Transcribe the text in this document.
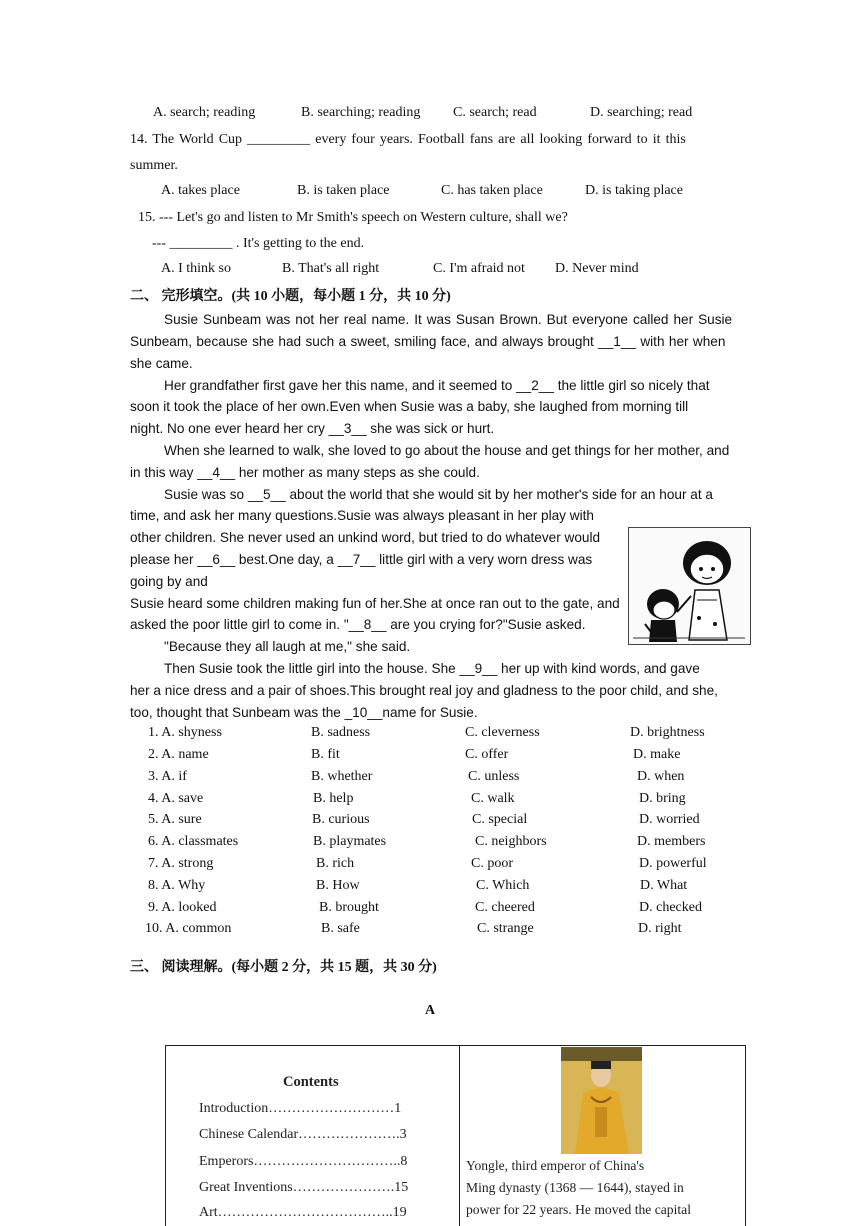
A. search; reading	B. searching; reading C. search; read	D. searching; read
14. The World Cup _________ every four years. Football fans are all looking forward to it this
summer.
A. takes place	B. is taken place	C. has taken place	D. is taking place
15. --- Let's go and listen to Mr Smith's speech on Western culture, shall we?
--- _________ . It's getting to the end.
A. I think so	B. That's all right	C. I'm afraid not D. Never mind
二、 完形填空。(共 10 小题，每小题 1 分，共 10 分)
Susie Sunbeam was not her real name. It was Susan Brown. But everyone called her Susie
Sunbeam, because she had such a sweet, smiling face, and always brought __1__ with her when
she came.
Her grandfather first gave her this name, and it seemed to __2__ the little girl so nicely that
soon it took the place of her own.Even when Susie was a baby, she laughed from morning till
night. No one ever heard her cry __3__ she was sick or hurt.
When she learned to walk, she loved to go about the house and get things for her mother, and
in this way __4__ her mother as many steps as she could.
Susie was so __5__ about the world that she would sit by her mother's side for an hour at a
time, and ask her many questions.Susie was always pleasant in her play with
other children. She never used an unkind word, but tried to do whatever would
please her __6__ best.One day, a __7__ little girl with a very worn dress was
going by and
Susie heard some children making fun of her.She at once ran out to the gate, and
asked the poor little girl to come in. "__8__ are you crying for?"Susie asked.
"Because they all laugh at me," she said.
Then Susie took the little girl into the house. She __9__ her up with kind words, and gave
her a nice dress and a pair of shoes.This brought real joy and gladness to the poor child, and she,
too, thought that Sunbeam was the _10__name for Susie.
1. A. shyness	B. sadness	C. cleverness	D. brightness
2. A. name	B. fit	C. offer	D. make
3. A. if	B. whether	C. unless	D. when
4. A. save	B. help	C. walk	D. bring
5. A. sure	B. curious	C. special	D. worried
6. A. classmates	B. playmates	C. neighbors	D. members
7. A. strong	B. rich	C. poor	D. powerful
8. A. Why	B. How	C. Which	D. What
9. A. looked	B. brought	C. cheered	D. checked
10. A. common	B. safe	C. strange	D. right
三、 阅读理解。(每小题 2 分，共 15 题，共 30 分)
A
Contents
Introduction………………………1
Chinese Calendar………………….3
Emperors…………………………..8
Great Inventions………………….15
Art………………………………..19
Yongle, third emperor of China's
Ming dynasty (1368 — 1644), stayed in
power for 22 years. He moved the capital
